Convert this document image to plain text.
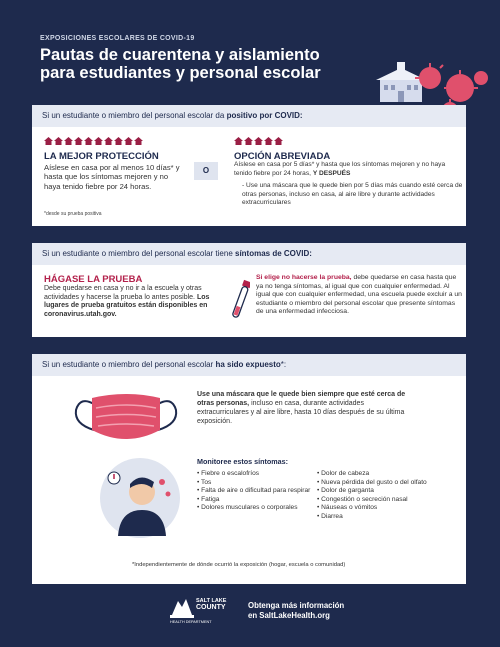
EXPOSICIONES ESCOLARES DE COVID-19
Pautas de cuarentena y aislamiento
para estudiantes y personal escolar
Si un estudiante o miembro del personal escolar da positivo por COVID:
LA MEJOR PROTECCIÓN
Aíslese en casa por al menos 10 días* y hasta que los síntomas mejoren y no haya tenido fiebre por 24 horas.
*desde su prueba positiva
O
OPCIÓN ABREVIADA
Aíslese en casa por 5 días* y hasta que los síntomas mejoren y no haya tenido fiebre por 24 horas, Y DESPUÉS
- Use una máscara que le quede bien por 5 días más cuando esté cerca de otras personas, incluso en casa, al aire libre y durante actividades extracurriculares
Si un estudiante o miembro del personal escolar tiene síntomas de COVID:
HÁGASE LA PRUEBA
Debe quedarse en casa y no ir a la escuela y otras actividades y hacerse la prueba lo antes posible. Los lugares de prueba gratuitos están disponibles en coronavirus.utah.gov.
Si elige no hacerse la prueba, debe quedarse en casa hasta que ya no tenga síntomas, al igual que con cualquier enfermedad. Al igual que con cualquier enfermedad, una escuela puede excluir a un estudiante o miembro del personal escolar que presente síntomas de una enfermedad infecciosa.
Si un estudiante o miembro del personal escolar ha sido expuesto*:
Use una máscara que le quede bien siempre que esté cerca de otras personas, incluso en casa, durante actividades extracurriculares y al aire libre, hasta 10 días después de su última exposición.
Monitoree estos síntomas:
• Fiebre o escalofríos
• Tos
• Falta de aire o dificultad para respirar
• Fatiga
• Dolores musculares o corporales
• Dolor de cabeza
• Nueva pérdida del gusto o del olfato
• Dolor de garganta
• Congestión o secreción nasal
• Náuseas o vómitos
• Diarrea
*Independientemente de dónde ocurrió la exposición (hogar, escuela o comunidad)
SALT LAKE
COUNTY
HEALTH DEPARTMENT
Obtenga más información
en SaltLakeHealth.org
